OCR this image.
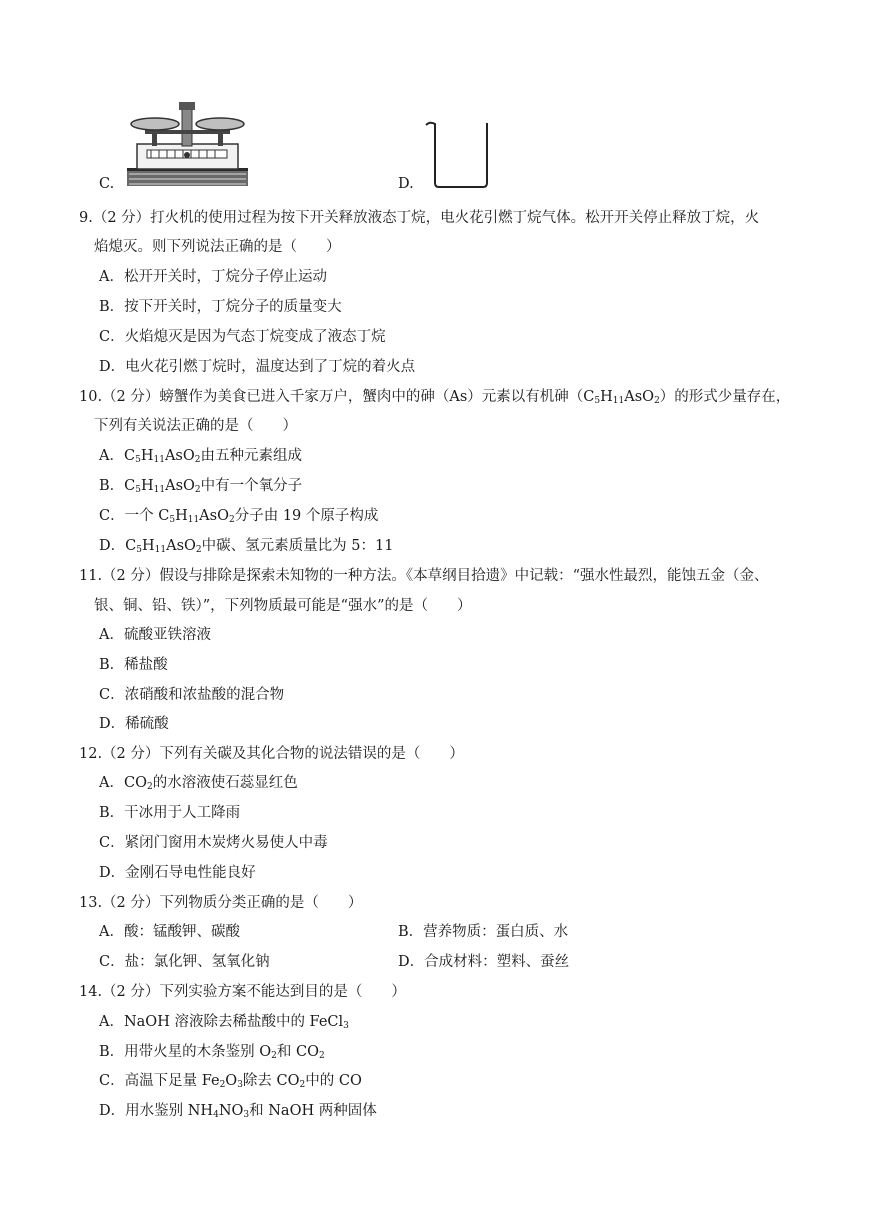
C.	D.
9.（2 分）打火机的使用过程为按下开关释放液态丁烷，电火花引燃丁烷气体。松开开关停止释放丁烷，火
焰熄灭。则下列说法正确的是（　　）
A．松开开关时，丁烷分子停止运动
B．按下开关时，丁烷分子的质量变大
C．火焰熄灭是因为气态丁烷变成了液态丁烷
D．电火花引燃丁烷时，温度达到了丁烷的着火点
10.（2 分）螃蟹作为美食已进入千家万户，蟹肉中的砷（As）元素以有机砷$(C_5H_{11}AsO_2)$的形式少量存在，
下列有关说法正确的是（　　）
A．$C_5H_{11}AsO_2$由五种元素组成
B．$C_5H_{11}AsO_2$中有一个氧分子
C．一个 $C_5H_{11}AsO_2$分子由 19 个原子构成
D．$C_5H_{11}AsO_2$中碳、氢元素质量比为 5：11
11.（2 分）假设与排除是探索未知物的一种方法。《本草纲目拾遗》中记载：“强水性最烈，能蚀五金（金、
银、铜、铅、铁）”，下列物质最可能是“强水”的是（　　）
A．硫酸亚铁溶液
B．稀盐酸
C．浓硝酸和浓盐酸的混合物
D．稀硫酸
12.（2 分）下列有关碳及其化合物的说法错误的是（　　）
A．$CO_2$的水溶液使石蕊显红色
B．干冰用于人工降雨
C．紧闭门窗用木炭烤火易使人中毒
D．金刚石导电性能良好
13.（2 分）下列物质分类正确的是（　　）
A．酸：锰酸钾、碳酸	B．营养物质：蛋白质、水
C．盐：氯化钾、氢氧化钠	D．合成材料：塑料、蚕丝
14.（2 分）下列实验方案不能达到目的是（　　）
A．NaOH 溶液除去稀盐酸中的 FeCl$_3$
B．用带火星的木条鉴别 $O_2$和 $CO_2$
C．高温下足量 $Fe_2O_3$除去 $CO_2$中的 CO
D．用水鉴别 $NH_4NO_3$和 NaOH 两种固体
